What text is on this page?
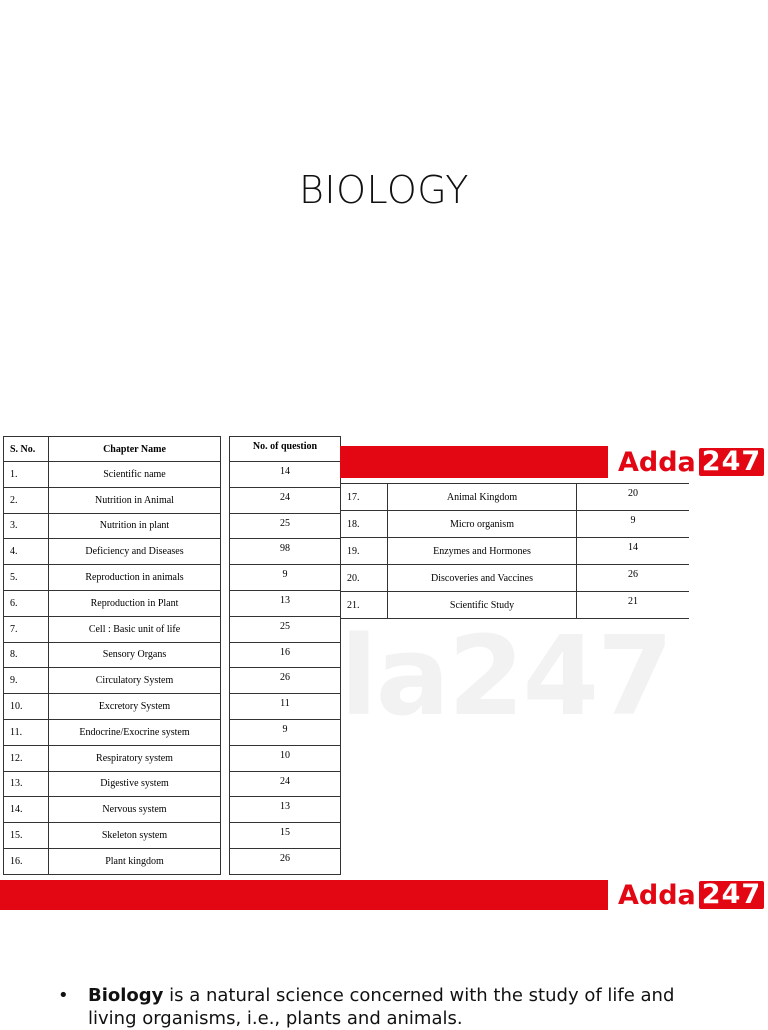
BIOLOGY
la247
S. No.	Chapter Name		No. of question
1.	Scientific name		14
2.	Nutrition in Animal		24
3.	Nutrition in plant		25
4.	Deficiency and Diseases		98
5.	Reproduction in animals		9
6.	Reproduction in Plant		13
7.	Cell : Basic unit of life		25
8.	Sensory Organs		16
9.	Circulatory System		26
10.	Excretory System		11
11.	Endocrine/Exocrine system		9
12.	Respiratory system		10
13.	Digestive system		24
14.	Nervous system		13
15.	Skeleton system		15
16.	Plant kingdom		26
Adda 247
17.	Animal Kingdom	20
18.	Micro organism	9
19.	Enzymes and Hormones	14
20.	Discoveries and Vaccines	26
21.	Scientific Study	21
Adda 247
•	Biology is a natural science concerned with the study of life and living organisms, i.e., plants and animals.
